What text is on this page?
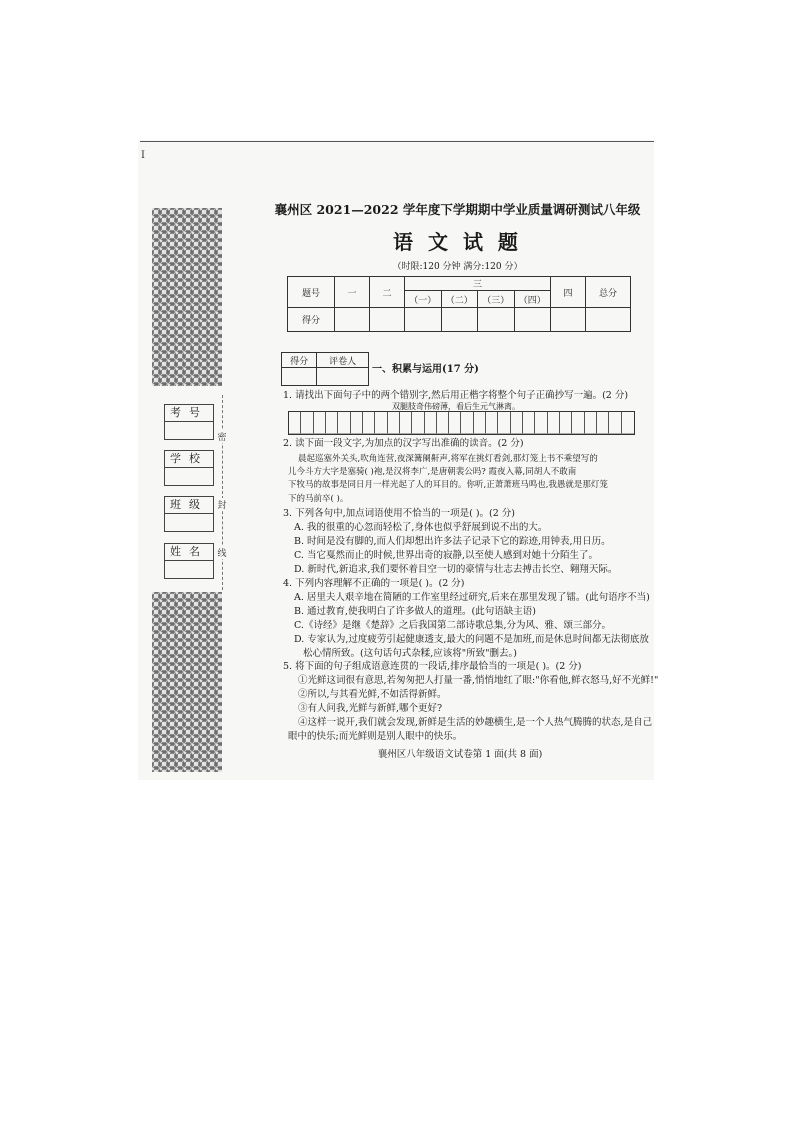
I
考号
学校
班级
姓名
密
封
线
襄州区 2021—2022 学年度下学期期中学业质量调研测试八年级
语 文 试 题
（时限:120 分钟 满分:120 分）
题号	一	二	三				四	总分
			（一）	（二）	（三）	（四）		
得分								
得分	评卷人

一、积累与运用(17 分)
1. 请找出下面句子中的两个错别字,然后用正楷字将整个句子正确抄写一遍。(2 分)
双腿肢奇伟磅薄，看后生元气淋离。
2. 读下面一段文字,为加点的汉字写出准确的读音。(2 分)
晨起巡塞外关头,吹角连营,夜深篝阑鼾声,将军在挑灯看剑,那灯笼上书不乘望写的
儿今斗方大字是塞骑( )袍,是汉将李广,是唐朝裴公吗? 霞夜入幕,同胡人不敢南
下牧马的故事是同日月一样光起了人的耳目的。你听,正萧萧班马鸣也,我愚就是那灯笼
下的马前卒( )。
3. 下列各句中,加点词语使用不恰当的一项是( )。(2 分)
A. 我的很重的心忽而轻松了,身体也似乎舒展到说不出的大。
B. 时间是没有脚的,而人们却想出许多法子记录下它的踪迹,用钟表,用日历。
C. 当它戛然而止的时候,世界出奇的寂静,以至使人感到对她十分陌生了。
D. 新时代,新追求,我们要怀着目空一切的豪情与壮志去搏击长空、翱翔天际。
4. 下列内容理解不正确的一项是( )。(2 分)
A. 居里夫人艰辛地在简陋的工作室里经过研究,后来在那里发现了镭。(此句语序不当)
B. 通过教育,使我明白了许多做人的道理。(此句语缺主语)
C.《诗经》是继《楚辞》之后我国第二部诗歌总集,分为风、雅、颂三部分。
D. 专家认为,过度疲劳引起健康透支,最大的问题不是加班,而是休息时间都无法彻底放
松心情所致。(这句话句式杂糅,应该将"所致"删去。)
5. 将下面的句子组成语意连贯的一段话,排序最恰当的一项是( )。(2 分)
①光鲜这词很有意思,若匆匆把人打量一番,悄悄地红了眼:"你看他,鲜衣怒马,好不光鲜!"
②所以,与其看光鲜,不如活得新鲜。
③有人问我,光鲜与新鲜,哪个更好?
④这样一说开,我们就会发现,新鲜是生活的妙趣横生,是一个人热气腾腾的状态,是自己
眼中的快乐;而光鲜则是别人眼中的快乐。
襄州区八年级语文试卷第 1 面(共 8 面)
